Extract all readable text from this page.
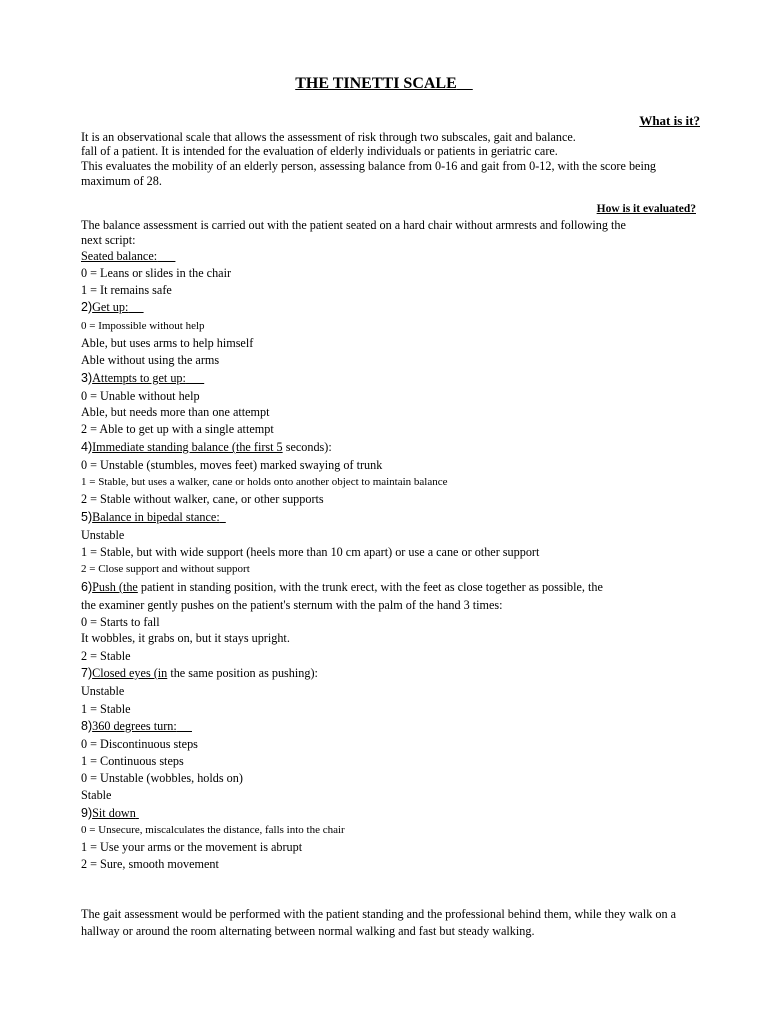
THE TINETTI SCALE
What is it?
It is an observational scale that allows the assessment of risk through two subscales, gait and balance.
fall of a patient. It is intended for the evaluation of elderly individuals or patients in geriatric care.
This evaluates the mobility of an elderly person, assessing balance from 0-16 and gait from 0-12, with the score being
maximum of 28.
How is it evaluated?
The balance assessment is carried out with the patient seated on a hard chair without armrests and following the
next script:
Seated balance:
0 = Leans or slides in the chair
1 = It remains safe
2)Get up:
0 = Impossible without help
Able, but uses arms to help himself
Able without using the arms
3)Attempts to get up:
0 = Unable without help
Able, but needs more than one attempt
2 = Able to get up with a single attempt
4)Immediate standing balance (the first 5 seconds):
0 = Unstable (stumbles, moves feet) marked swaying of trunk
1 = Stable, but uses a walker, cane or holds onto another object to maintain balance
2 = Stable without walker, cane, or other supports
5)Balance in bipedal stance:
Unstable
1 = Stable, but with wide support (heels more than 10 cm apart) or use a cane or other support
2 = Close support and without support
6)Push (the patient in standing position, with the trunk erect, with the feet as close together as possible, the
the examiner gently pushes on the patient's sternum with the palm of the hand 3 times:
0 = Starts to fall
It wobbles, it grabs on, but it stays upright.
2 = Stable
7)Closed eyes (in the same position as pushing):
Unstable
1 = Stable
8)360 degrees turn:
0 = Discontinuous steps
1 = Continuous steps
0 = Unstable (wobbles, holds on)
Stable
9)Sit down
0 = Unsecure, miscalculates the distance, falls into the chair
1 = Use your arms or the movement is abrupt
2 = Sure, smooth movement
The gait assessment would be performed with the patient standing and the professional behind them, while they walk on a
hallway or around the room alternating between normal walking and fast but steady walking.
